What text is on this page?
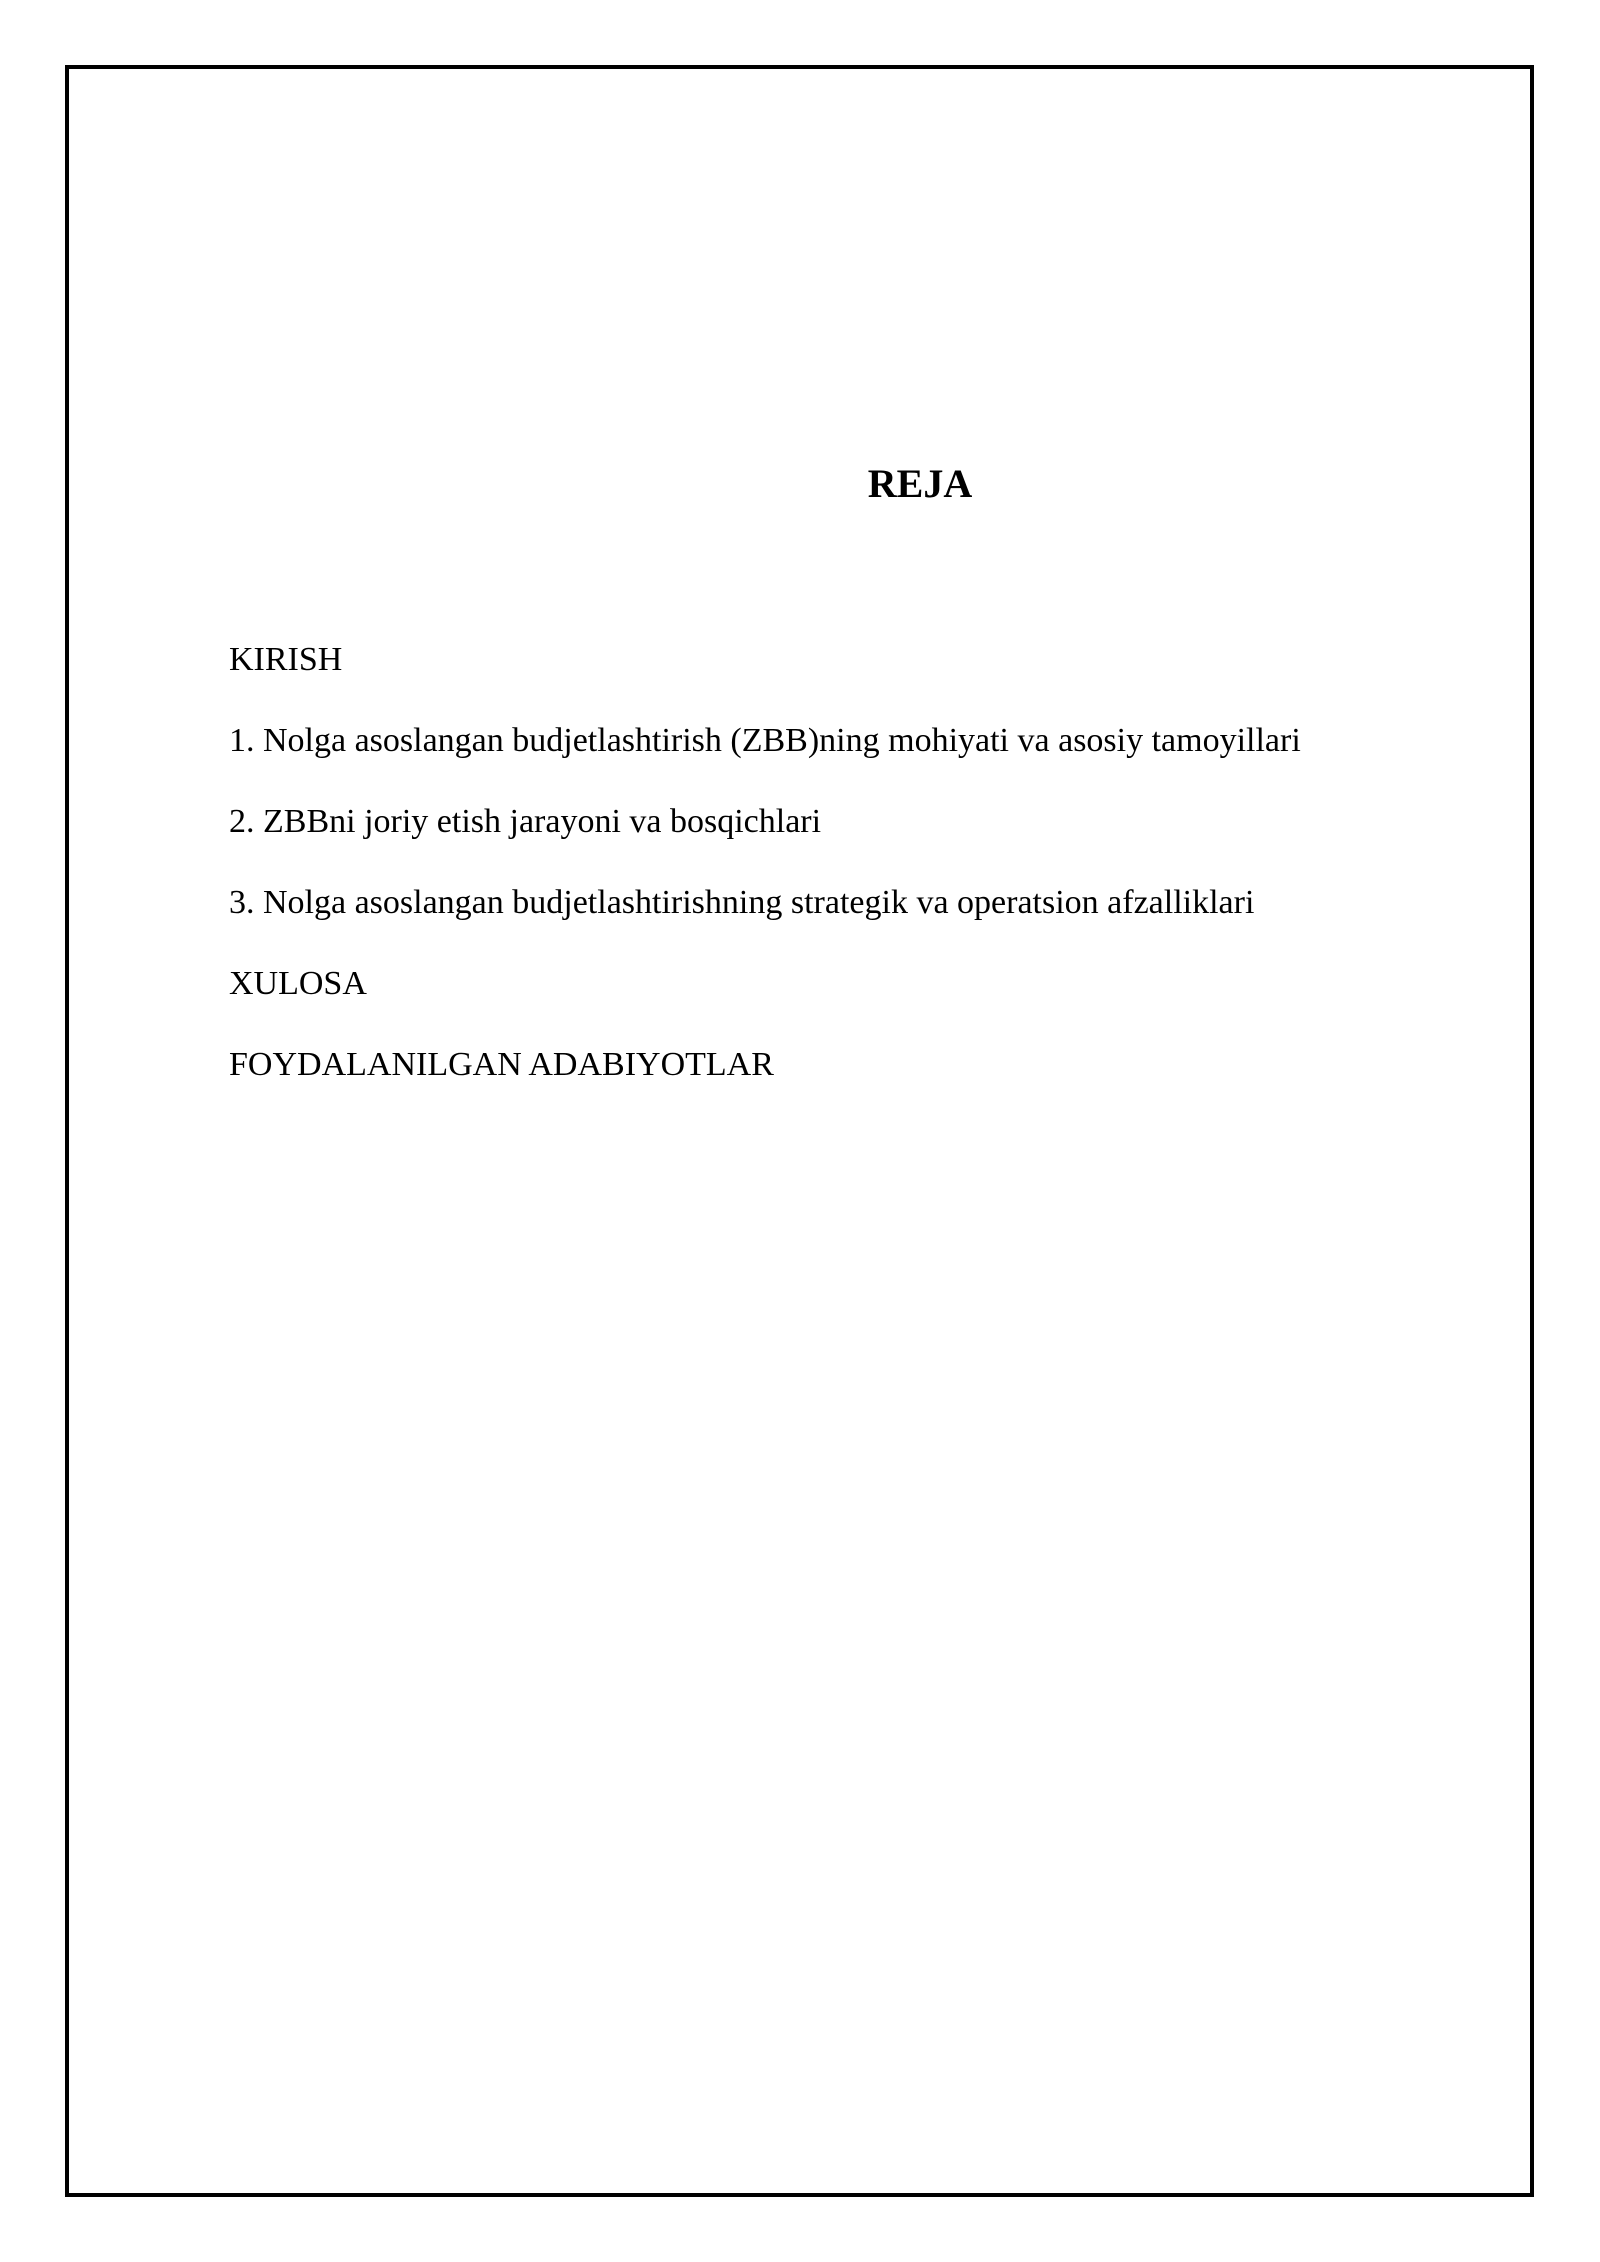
REJA
KIRISH
1. Nolga asoslangan budjetlashtirish (ZBB)ning mohiyati va asosiy tamoyillari
2. ZBBni joriy etish jarayoni va bosqichlari
3. Nolga asoslangan budjetlashtirishning strategik va operatsion afzalliklari
XULOSA
FOYDALANILGAN ADABIYOTLAR
